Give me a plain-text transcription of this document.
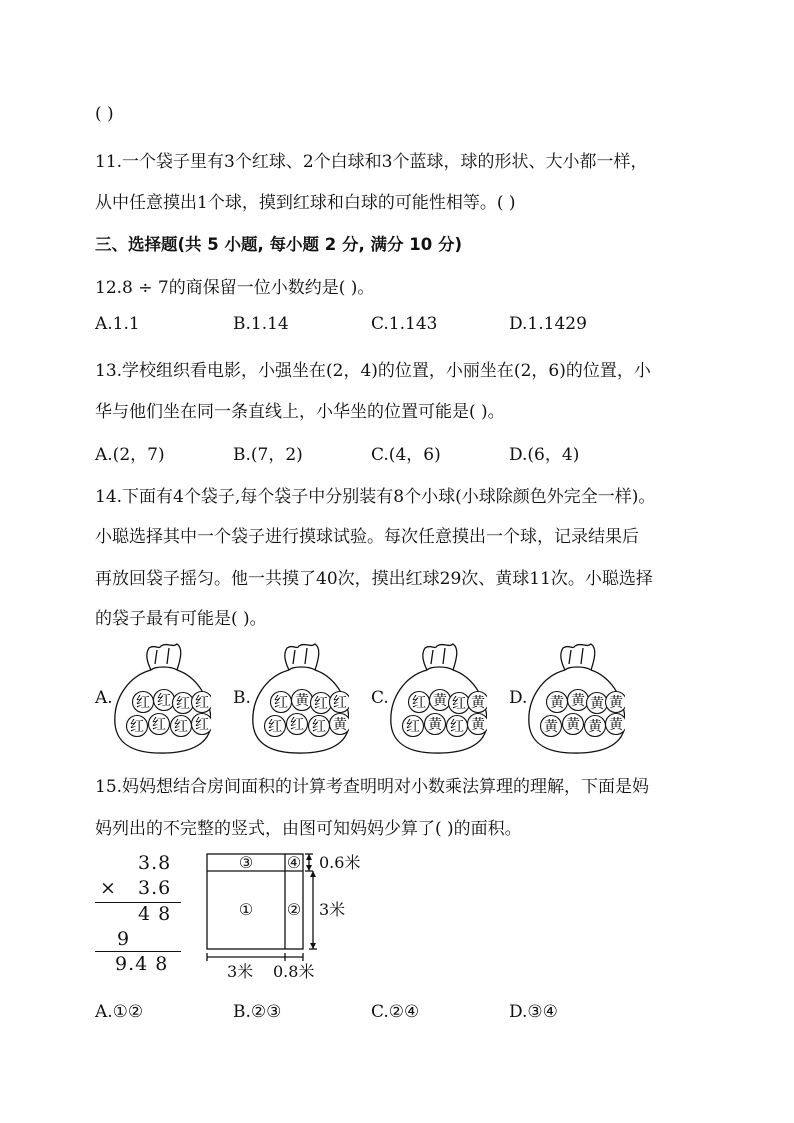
( )
11.一个袋子里有3个红球、2个白球和3个蓝球，球的形状、大小都一样，
从中任意摸出1个球，摸到红球和白球的可能性相等。( )
三、选择题(共 5 小题, 每小题 2 分, 满分 10 分)
12.8 ÷ 7的商保留一位小数约是( )。
A.1.1	B.1.14	C.1.143	D.1.1429
13.学校组织看电影，小强坐在(2，4)的位置，小丽坐在(2，6)的位置，小
华与他们坐在同一条直线上，小华坐的位置可能是( )。
A.(2，7)	B.(7，2)	C.(4，6)	D.(6，4)
14.下面有4个袋子,每个袋子中分别装有8个小球(小球除颜色外完全一样)。
小聪选择其中一个袋子进行摸球试验。每次任意摸出一个球，记录结果后
再放回袋子摇匀。他一共摸了40次，摸出红球29次、黄球11次。小聪选择
的袋子最有可能是( )。
A. 红 红 红 红
红 红 红 红
B. 红 黄 红 红
红 红 红 黄
C. 红 黄 红 黄
红 黄 红 黄
D. 黄 黄 黄 黄
黄 黄 黄 黄
15.妈妈想结合房间面积的计算考查明明对小数乘法算理的理解，下面是妈
妈列出的不完整的竖式，由图可知妈妈少算了( )的面积。
3.8
× 3.6
4 8
9
9.4 8
③ ④
① ②
0.6米
3米
3米 0.8米
A.①②	B.②③	C.②④	D.③④
